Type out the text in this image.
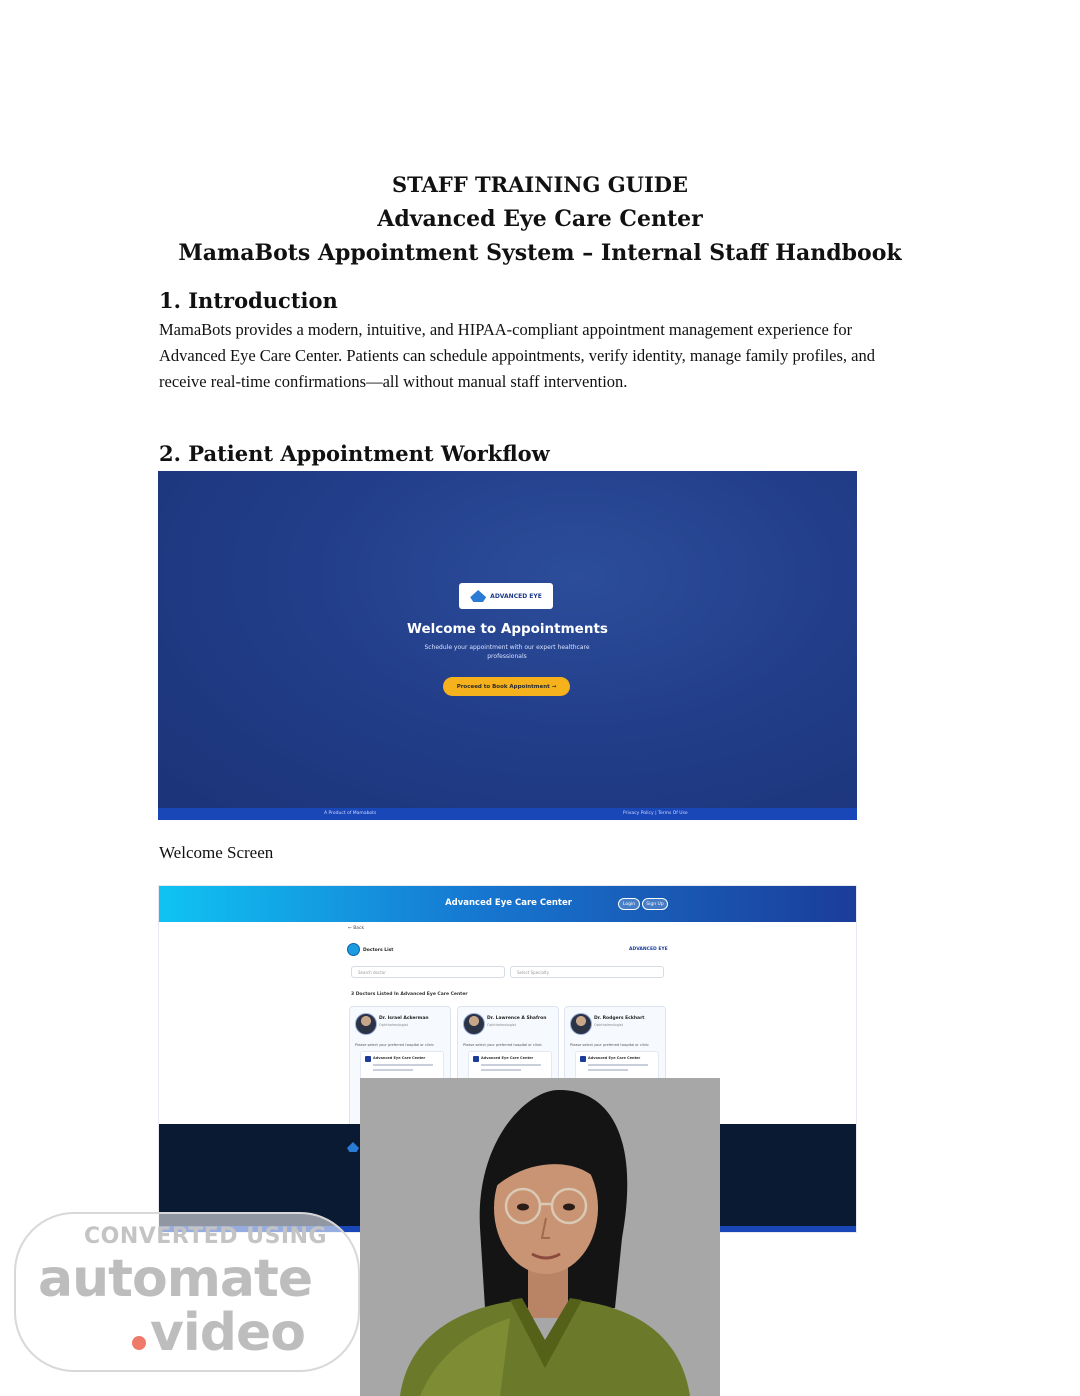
STAFF TRAINING GUIDE
Advanced Eye Care Center
MamaBots Appointment System – Internal Staff Handbook
1. Introduction
MamaBots provides a modern, intuitive, and HIPAA-compliant appointment management experience for Advanced Eye Care Center. Patients can schedule appointments, verify identity, manage family profiles, and receive real-time confirmations—all without manual staff intervention.
2. Patient Appointment Workflow
ADVANCED EYE
Welcome to Appointments
Schedule your appointment with our expert healthcare professionals
Proceed to Book Appointment →
A Product of Mamabots	Privacy Policy | Terms Of Use
Welcome Screen
Advanced Eye Care Center	Login	Sign Up
← Back
Doctors List	ADVANCED EYE
Search doctor	Select Specialty
3 Doctors Listed In Advanced Eye Care Center
Dr. Israel Ackerman
Ophthalmologist
Please select your preferred hospital or clinic
Advanced Eye Care Center
Dr. Lawrence A Shafron
Ophthalmologist
Please select your preferred hospital or clinic
Advanced Eye Care Center
Dr. Rodgers Eckhart
Ophthalmologist
Please select your preferred hospital or clinic
Advanced Eye Care Center
CONVERTED USING
automate
video
